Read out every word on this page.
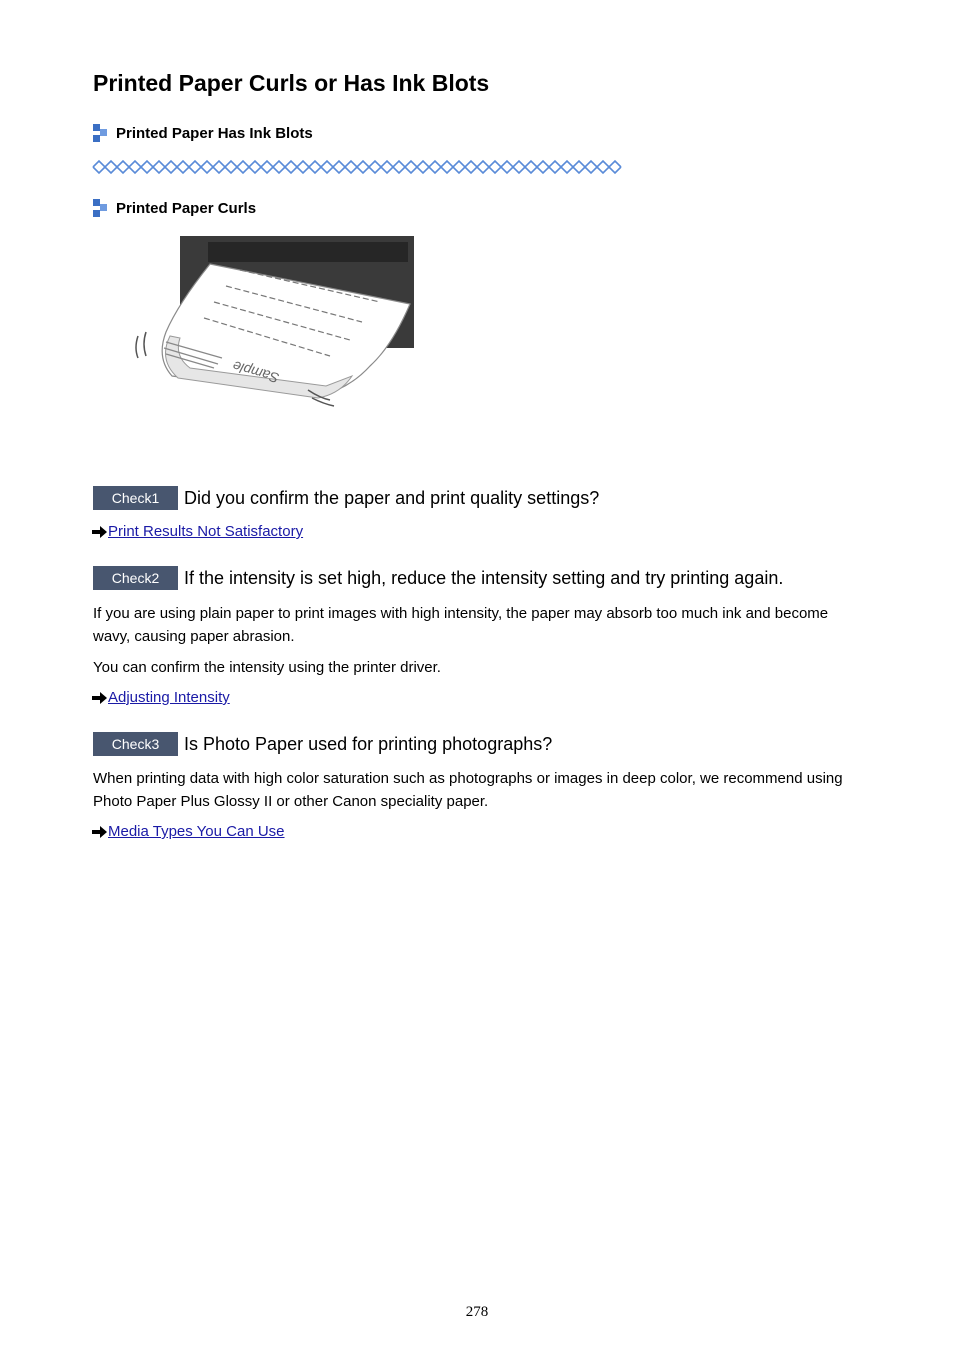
Printed Paper Curls or Has Ink Blots
Printed Paper Has Ink Blots
Printed Paper Curls
Sample
Check1	Did you confirm the paper and print quality settings?
Print Results Not Satisfactory
Check2	If the intensity is set high, reduce the intensity setting and try printing again.

If you are using plain paper to print images with high intensity, the paper may absorb too much ink and become wavy, causing paper abrasion.

You can confirm the intensity using the printer driver.

Adjusting Intensity
Check3	Is Photo Paper used for printing photographs?

When printing data with high color saturation such as photographs or images in deep color, we recommend using Photo Paper Plus Glossy II or other Canon speciality paper.

Media Types You Can Use
278
